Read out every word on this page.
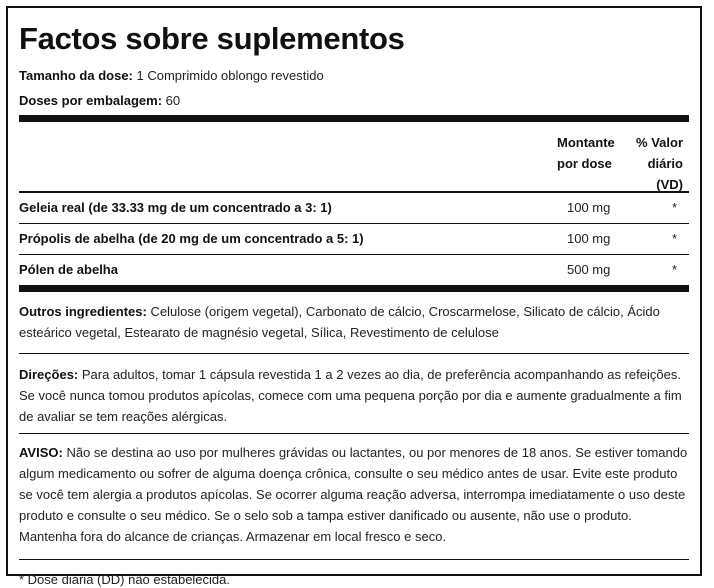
Factos sobre suplementos
Tamanho da dose: 1 Comprimido oblongo revestido
Doses por embalagem: 60
Montante
por dose
% Valor
diário
(VD)
Geleia real (de 33.33 mg de um concentrado a 3: 1)	100 mg	*
Própolis de abelha (de 20 mg de um concentrado a 5: 1)	100 mg	*
Pólen de abelha	500 mg	*
Outros ingredientes: Celulose (origem vegetal), Carbonato de cálcio, Croscarmelose, Silicato de cálcio, Ácido esteárico vegetal, Estearato de magnésio vegetal, Sílica, Revestimento de celulose
Direções: Para adultos, tomar 1 cápsula revestida 1 a 2 vezes ao dia, de preferência acompanhando as refeições. Se você nunca tomou produtos apícolas, comece com uma pequena porção por dia e aumente gradualmente a fim de avaliar se tem reações alérgicas.
AVISO: Não se destina ao uso por mulheres grávidas ou lactantes, ou por menores de 18 anos. Se estiver tomando algum medicamento ou sofrer de alguma doença crônica, consulte o seu médico antes de usar. Evite este produto se você tem alergia a produtos apícolas. Se ocorrer alguma reação adversa, interrompa imediatamente o uso deste produto e consulte o seu médico. Se o selo sob a tampa estiver danificado ou ausente, não use o produto. Mantenha fora do alcance de crianças. Armazenar em local fresco e seco.
* Dose diária (DD) não estabelecida.
